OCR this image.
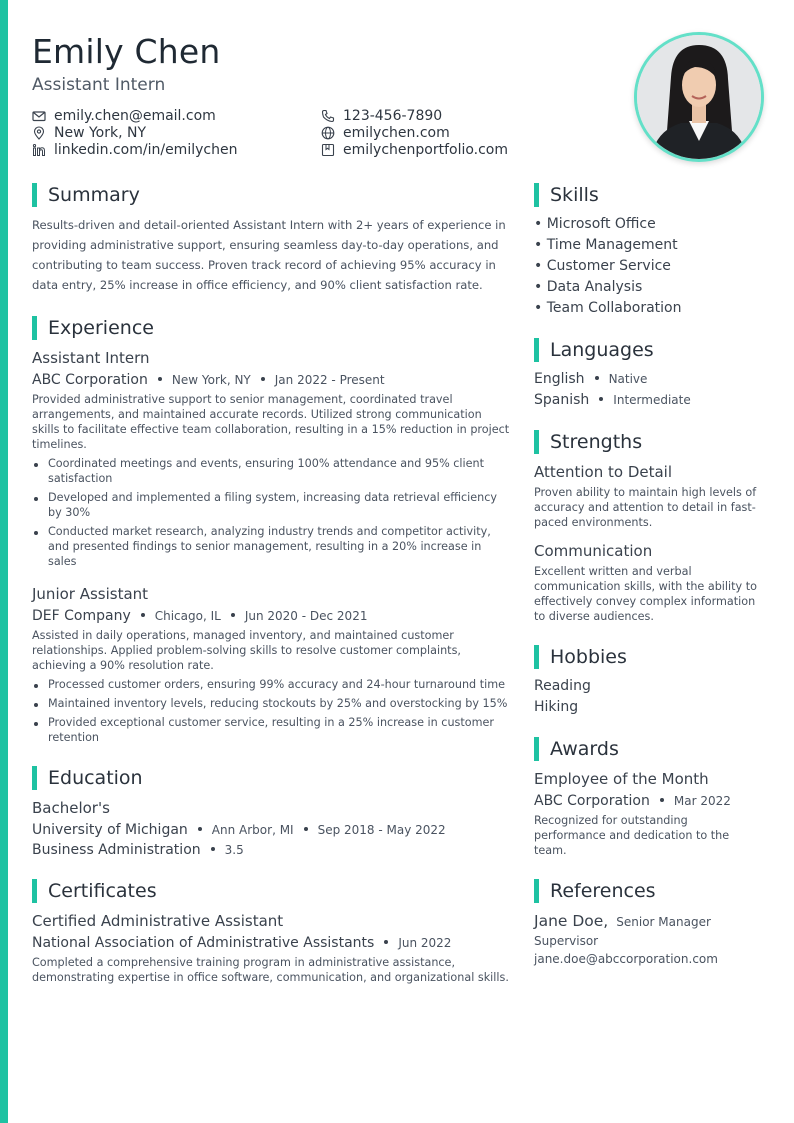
Emily Chen
Assistant Intern
emily.chen@email.com	123-456-7890
New York, NY	emilychen.com
linkedin.com/in/emilychen	emilychenportfolio.com
Summary
Results-driven and detail-oriented Assistant Intern with 2+ years of experience in providing administrative support, ensuring seamless day-to-day operations, and contributing to team success. Proven track record of achieving 95% accuracy in data entry, 25% increase in office efficiency, and 90% client satisfaction rate.
Experience
Assistant Intern
ABC Corporation New York, NY Jan 2022 - Present
Provided administrative support to senior management, coordinated travel arrangements, and maintained accurate records. Utilized strong communication skills to facilitate effective team collaboration, resulting in a 15% reduction in project timelines.
Coordinated meetings and events, ensuring 100% attendance and 95% client satisfaction
Developed and implemented a filing system, increasing data retrieval efficiency by 30%
Conducted market research, analyzing industry trends and competitor activity, and presented findings to senior management, resulting in a 20% increase in sales
Junior Assistant
DEF Company Chicago, IL Jun 2020 - Dec 2021
Assisted in daily operations, managed inventory, and maintained customer relationships. Applied problem-solving skills to resolve customer complaints, achieving a 90% resolution rate.
Processed customer orders, ensuring 99% accuracy and 24-hour turnaround time
Maintained inventory levels, reducing stockouts by 25% and overstocking by 15%
Provided exceptional customer service, resulting in a 25% increase in customer retention
Education
Bachelor's
University of Michigan Ann Arbor, MI Sep 2018 - May 2022
Business Administration 3.5
Certificates
Certified Administrative Assistant
National Association of Administrative Assistants Jun 2022
Completed a comprehensive training program in administrative assistance, demonstrating expertise in office software, communication, and organizational skills.
Skills
• Microsoft Office
• Time Management
• Customer Service
• Data Analysis
• Team Collaboration
Languages
English Native
Spanish Intermediate
Strengths
Attention to Detail
Proven ability to maintain high levels of accuracy and attention to detail in fast-paced environments.
Communication
Excellent written and verbal communication skills, with the ability to effectively convey complex information to diverse audiences.
Hobbies
Reading
Hiking
Awards
Employee of the Month
ABC Corporation Mar 2022
Recognized for outstanding performance and dedication to the team.
References
Jane Doe, Senior Manager
Supervisor
jane.doe@abccorporation.com
